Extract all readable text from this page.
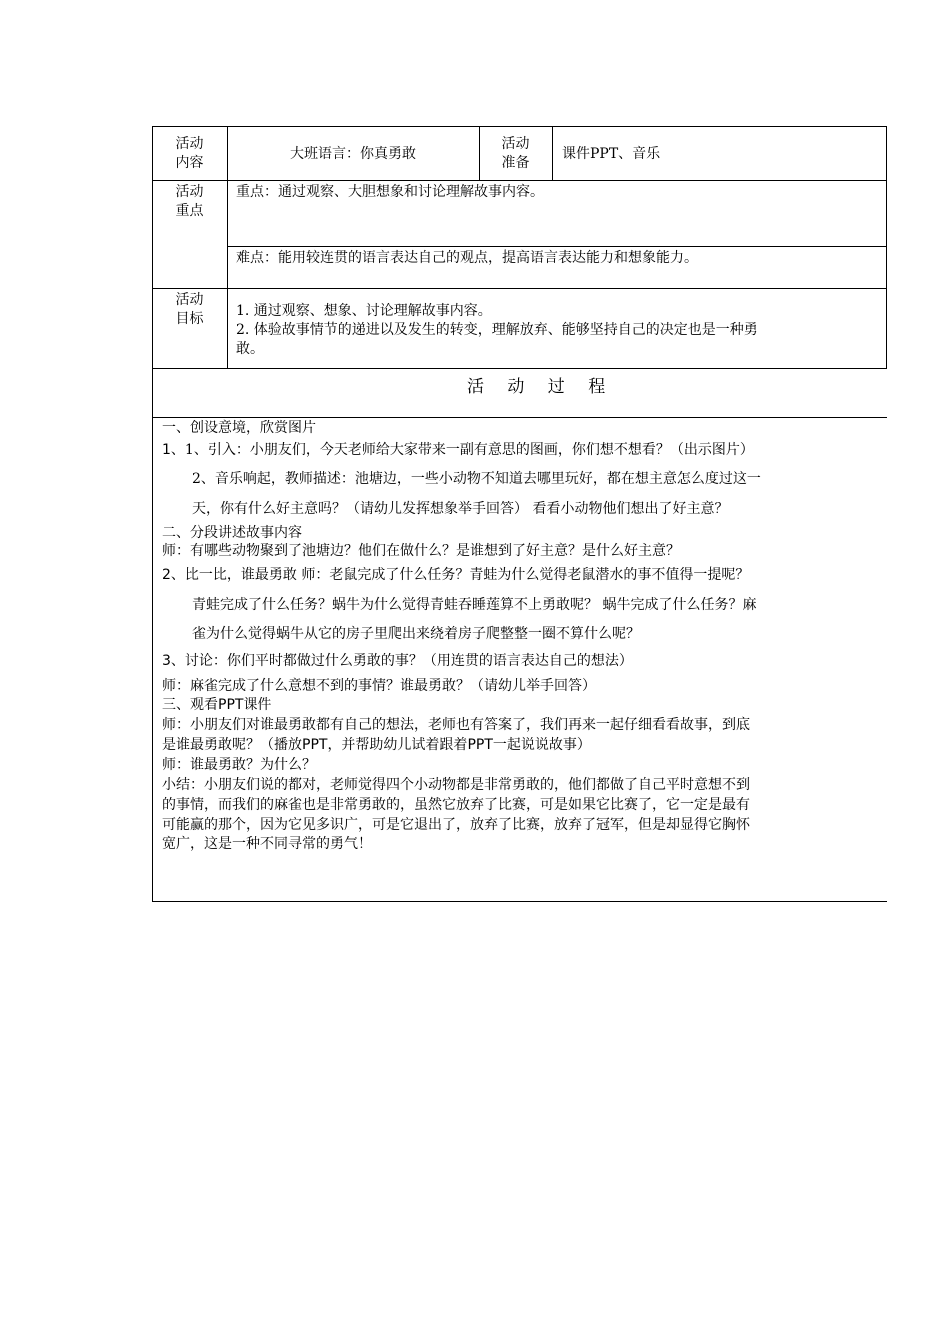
活动
内容
大班语言：你真勇敢
活动
准备
课件PPT、音乐
活动
重点
重点：通过观察、大胆想象和讨论理解故事内容。
难点：能用较连贯的语言表达自己的观点，提高语言表达能力和想象能力。
活动
目标	1. 通过观察、想象、讨论理解故事内容。
2. 体验故事情节的递进以及发生的转变，理解放弃、能够坚持自己的决定也是一种勇
敢。
活 动 过 程
一、创设意境，欣赏图片
1、1、引入：小朋友们，今天老师给大家带来一副有意思的图画，你们想不想看？（出示图片）
2、音乐响起，教师描述：池塘边，一些小动物不知道去哪里玩好，都在想主意怎么度过这一
天，你有什么好主意吗？（请幼儿发挥想象举手回答） 看看小动物他们想出了好主意？
二、分段讲述故事内容
师：有哪些动物聚到了池塘边？他们在做什么？是谁想到了好主意？是什么好主意？
2、比一比，谁最勇敢 师：老鼠完成了什么任务？青蛙为什么觉得老鼠潜水的事不值得一提呢？
青蛙完成了什么任务？蜗牛为什么觉得青蛙吞睡莲算不上勇敢呢？ 蜗牛完成了什么任务？麻
雀为什么觉得蜗牛从它的房子里爬出来绕着房子爬整整一圈不算什么呢？
3、讨论：你们平时都做过什么勇敢的事？（用连贯的语言表达自己的想法）
师：麻雀完成了什么意想不到的事情？谁最勇敢？（请幼儿举手回答）
三、观看PPT课件
师：小朋友们对谁最勇敢都有自己的想法，老师也有答案了，我们再来一起仔细看看故事，到底
是谁最勇敢呢？（播放PPT，并帮助幼儿试着跟着PPT一起说说故事）
师：谁最勇敢？为什么？
小结：小朋友们说的都对，老师觉得四个小动物都是非常勇敢的，他们都做了自己平时意想不到
的事情，而我们的麻雀也是非常勇敢的，虽然它放弃了比赛，可是如果它比赛了，它一定是最有
可能赢的那个，因为它见多识广，可是它退出了，放弃了比赛，放弃了冠军，但是却显得它胸怀
宽广，这是一种不同寻常的勇气！
